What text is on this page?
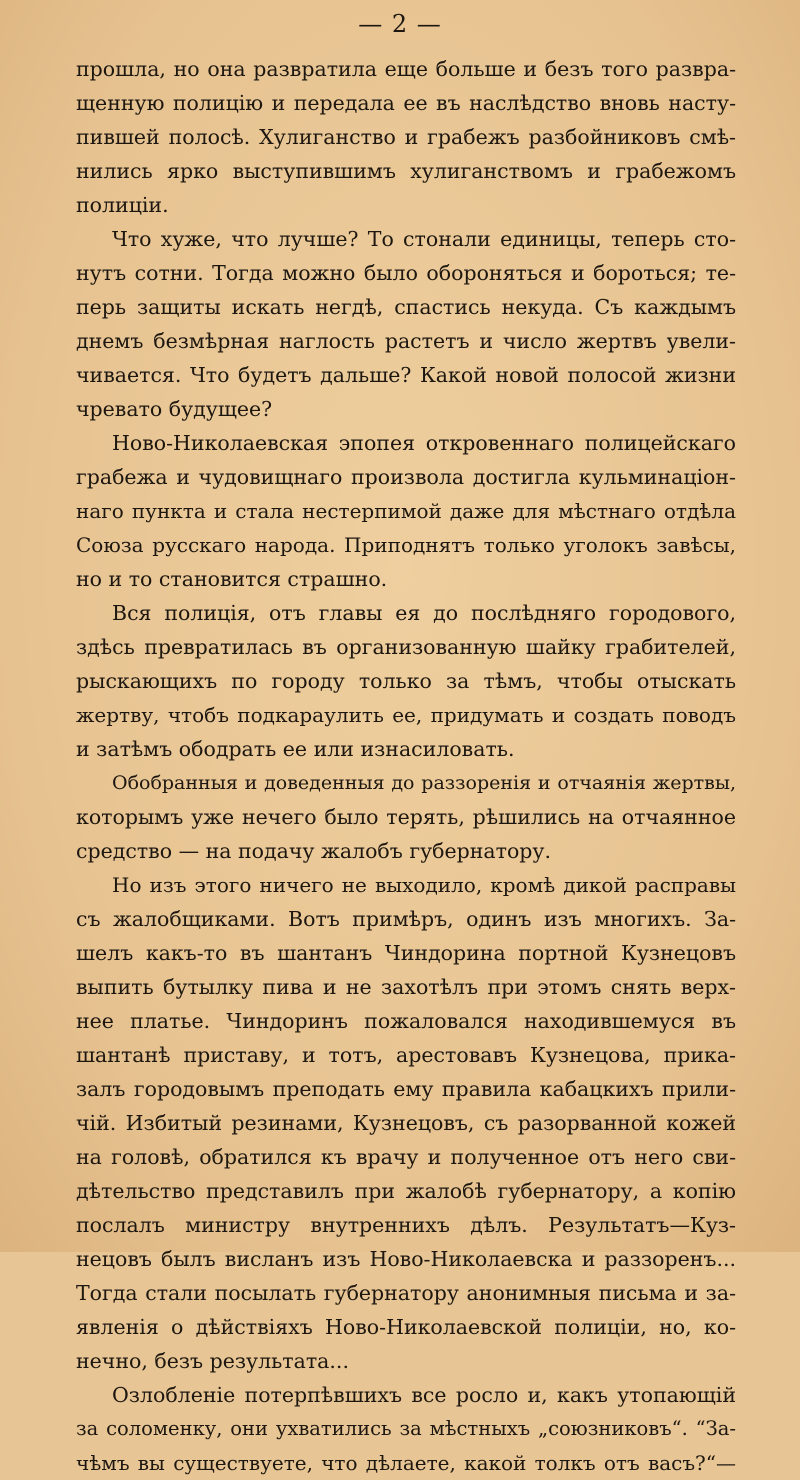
— 2 —
прошла, но она развратила еще больше и безъ того развра-
щенную полицію и передала ее въ наслѣдство вновь насту-
пившей полосѣ. Хулиганство и грабежъ разбойниковъ смѣ-
нились ярко выступившимъ хулиганствомъ и грабежомъ
полиціи.
Что хуже, что лучше? То стонали единицы, теперь сто-
нутъ сотни. Тогда можно было обороняться и бороться; те-
перь защиты искать негдѣ, спастись некуда. Съ каждымъ
днемъ безмѣрная наглость растетъ и число жертвъ увели-
чивается. Что будетъ дальше? Какой новой полосой жизни
чревато будущее?
Ново-Николаевская эпопея откровеннаго полицейскаго
грабежа и чудовищнаго произвола достигла кульминаціон-
наго пункта и стала нестерпимой даже для мѣстнаго отдѣла
Союза русскаго народа. Приподнятъ только уголокъ завѣсы,
но и то становится страшно.
Вся полиція, отъ главы ея до послѣдняго городового,
здѣсь превратилась въ организованную шайку грабителей,
рыскающихъ по городу только за тѣмъ, чтобы отыскать
жертву, чтобъ подкараулить ее, придумать и создать поводъ
и затѣмъ ободрать ее или изнасиловать.
Обобранныя и доведенныя до раззоренія и отчаянія жертвы,
которымъ уже нечего было терять, рѣшились на отчаянное
средство — на подачу жалобъ губернатору.
Но изъ этого ничего не выходило, кромѣ дикой расправы
съ жалобщиками. Вотъ примѣръ, одинъ изъ многихъ. За-
шелъ какъ-то въ шантанъ Чиндорина портной Кузнецовъ
выпить бутылку пива и не захотѣлъ при этомъ снять верх-
нее платье. Чиндоринъ пожаловался находившемуся въ
шантанѣ приставу, и тотъ, арестовавъ Кузнецова, прика-
залъ городовымъ преподать ему правила кабацкихъ прили-
чій. Избитый резинами, Кузнецовъ, съ разорванной кожей
на головѣ, обратился къ врачу и полученное отъ него сви-
дѣтельство представилъ при жалобѣ губернатору, а копію
послалъ министру внутреннихъ дѣлъ. Результатъ—Куз-
нецовъ былъ висланъ изъ Ново-Николаевска и раззоренъ...
Тогда стали посылать губернатору анонимныя письма и за-
явленія о дѣйствіяхъ Ново-Николаевской полиціи, но, ко-
нечно, безъ результата...
Озлобленіе потерпѣвшихъ все росло и, какъ утопающій
за соломенку, они ухватились за мѣстныхъ „союзниковъ“. “За-
чѣмъ вы существуете, что дѣлаете, какой толкъ отъ васъ?“—
